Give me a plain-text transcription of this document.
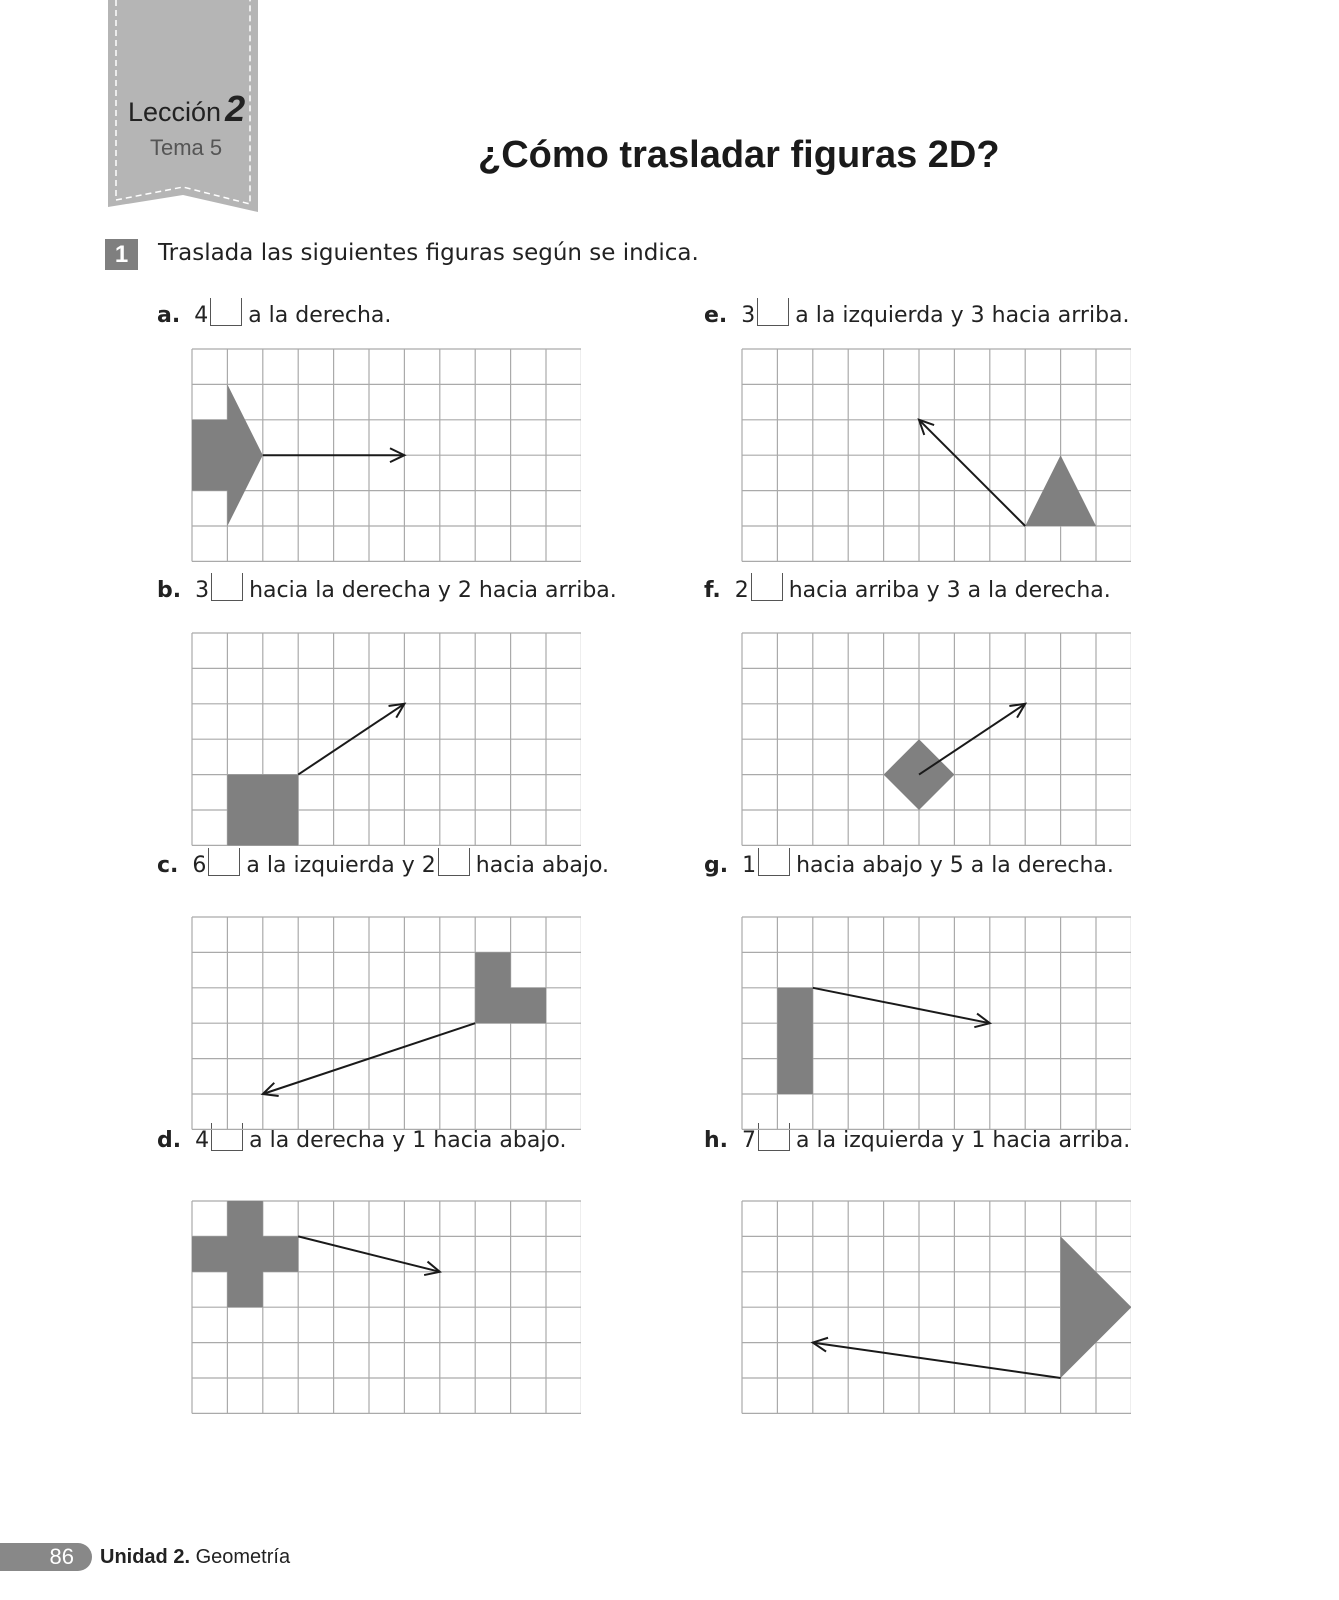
Lección 2
Tema 5	¿Cómo trasladar figuras 2D?
1	Traslada las siguientes figuras según se indica.
a. 4 a la derecha.
b. 3 hacia la derecha y 2 hacia arriba.
c. 6 a la izquierda y 2 hacia abajo.
d. 4 a la derecha y 1 hacia abajo.
e. 3 a la izquierda y 3 hacia arriba.
f. 2 hacia arriba y 3 a la derecha.
g. 1 hacia abajo y 5 a la derecha.
h. 7 a la izquierda y 1 hacia arriba.
86	Unidad 2. Geometría
